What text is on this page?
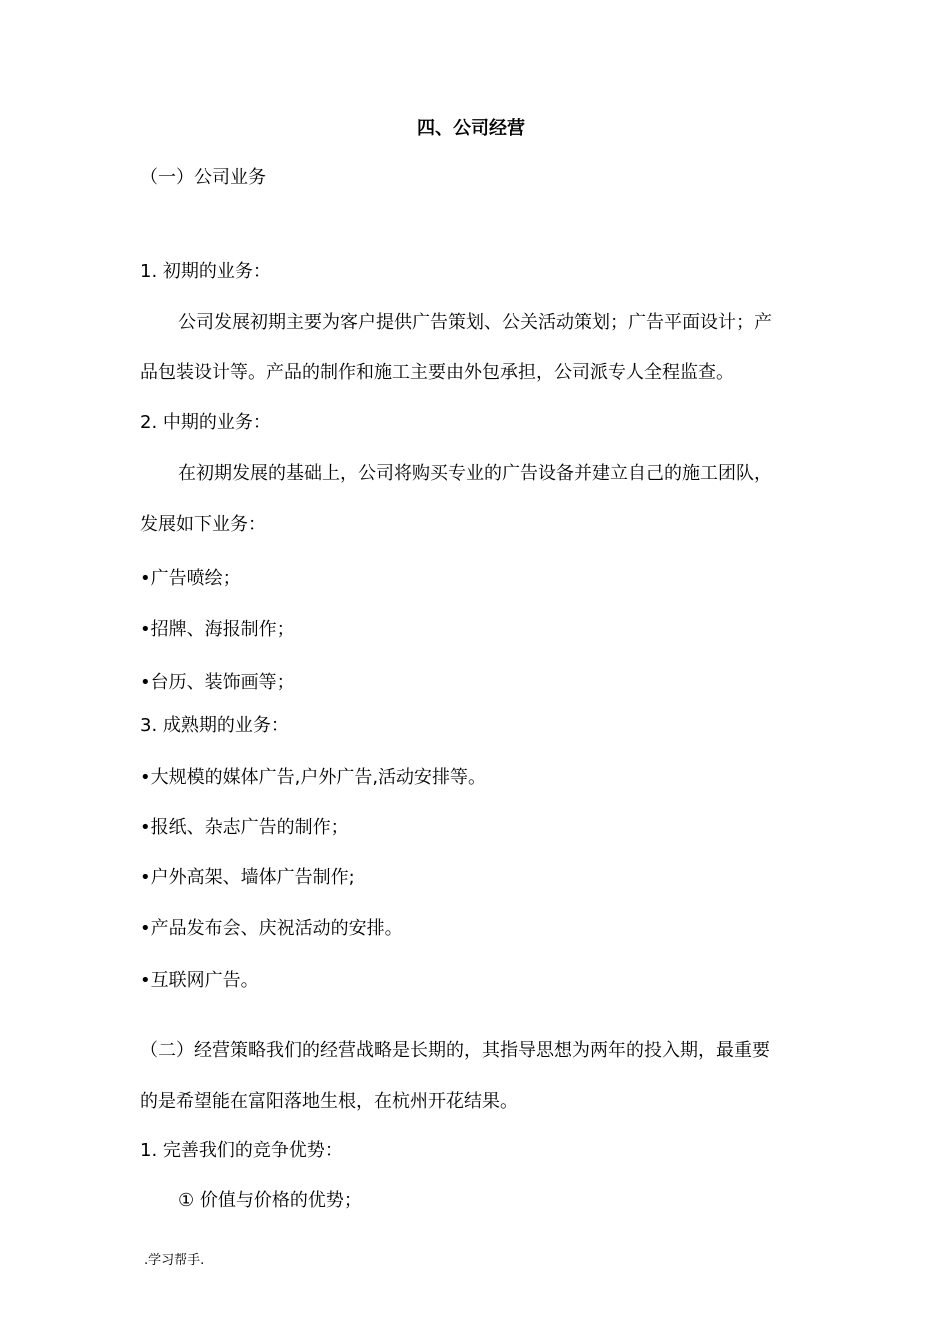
四、公司经营
（一）公司业务
1. 初期的业务：
公司发展初期主要为客户提供广告策划、公关活动策划；广告平面设计；产
品包装设计等。产品的制作和施工主要由外包承担，公司派专人全程监查。
2. 中期的业务：
在初期发展的基础上，公司将购买专业的广告设备并建立自己的施工团队，
发展如下业务：
•广告喷绘；
•招牌、海报制作；
•台历、装饰画等；
3. 成熟期的业务：
•大规模的媒体广告,户外广告,活动安排等。
•报纸、杂志广告的制作；
•户外高架、墙体广告制作;
•产品发布会、庆祝活动的安排。
•互联网广告。
（二）经营策略我们的经营战略是长期的，其指导思想为两年的投入期，最重要
的是希望能在富阳落地生根，在杭州开花结果。
1. 完善我们的竞争优势：
① 价值与价格的优势；
.学习帮手.
